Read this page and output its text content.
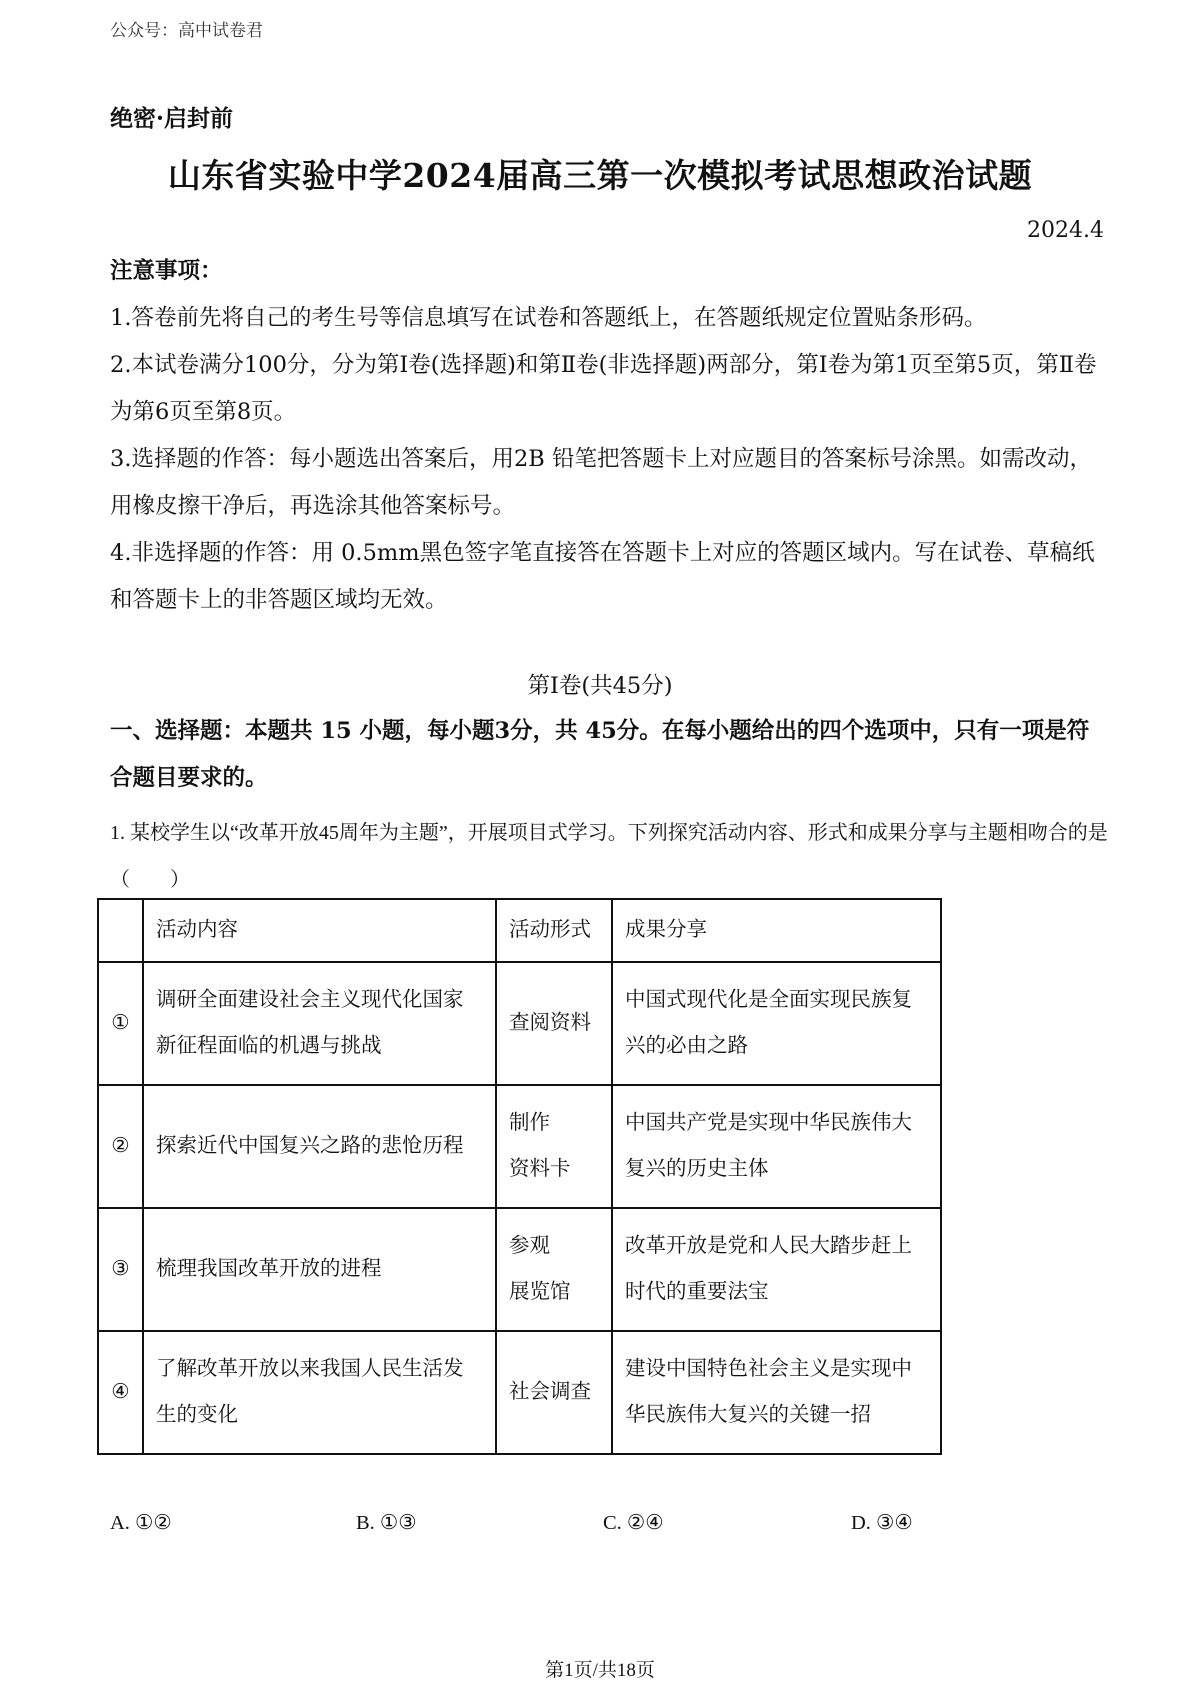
公众号：高中试卷君
绝密·启封前
山东省实验中学2024届高三第一次模拟考试思想政治试题
2024.4

注意事项：

1.答卷前先将自己的考生号等信息填写在试卷和答题纸上，在答题纸规定位置贴条形码。

2.本试卷满分100分，分为第Ⅰ卷(选择题)和第Ⅱ卷(非选择题)两部分，第Ⅰ卷为第1页至第5页，第Ⅱ卷为第6页至第8页。

3.选择题的作答：每小题选出答案后，用2B 铅笔把答题卡上对应题目的答案标号涂黑。如需改动，用橡皮擦干净后，再选涂其他答案标号。

4.非选择题的作答：用 0.5mm黑色签字笔直接答在答题卡上对应的答题区域内。写在试卷、草稿纸和答题卡上的非答题区域均无效。

第Ⅰ卷(共45分)

一、选择题：本题共 15 小题，每小题3分，共 45分。在每小题给出的四个选项中，只有一项是符合题目要求的。

1. 某校学生以“改革开放45周年为主题”，开展项目式学习。下列探究活动内容、形式和成果分享与主题相吻合的是（　　）

	活动内容	活动形式	成果分享
①	调研全面建设社会主义现代化国家新征程面临的机遇与挑战	查阅资料	中国式现代化是全面实现民族复兴的必由之路
②	探索近代中国复兴之路的悲怆历程	制作
资料卡	中国共产党是实现中华民族伟大复兴的历史主体
③	梳理我国改革开放的进程	参观
展览馆	改革开放是党和人民大踏步赶上时代的重要法宝
④	了解改革开放以来我国人民生活发生的变化	社会调查	建设中国特色社会主义是实现中华民族伟大复兴的关键一招
A. ①②	B. ①③	C. ②④	D. ③④
第1页/共18页
